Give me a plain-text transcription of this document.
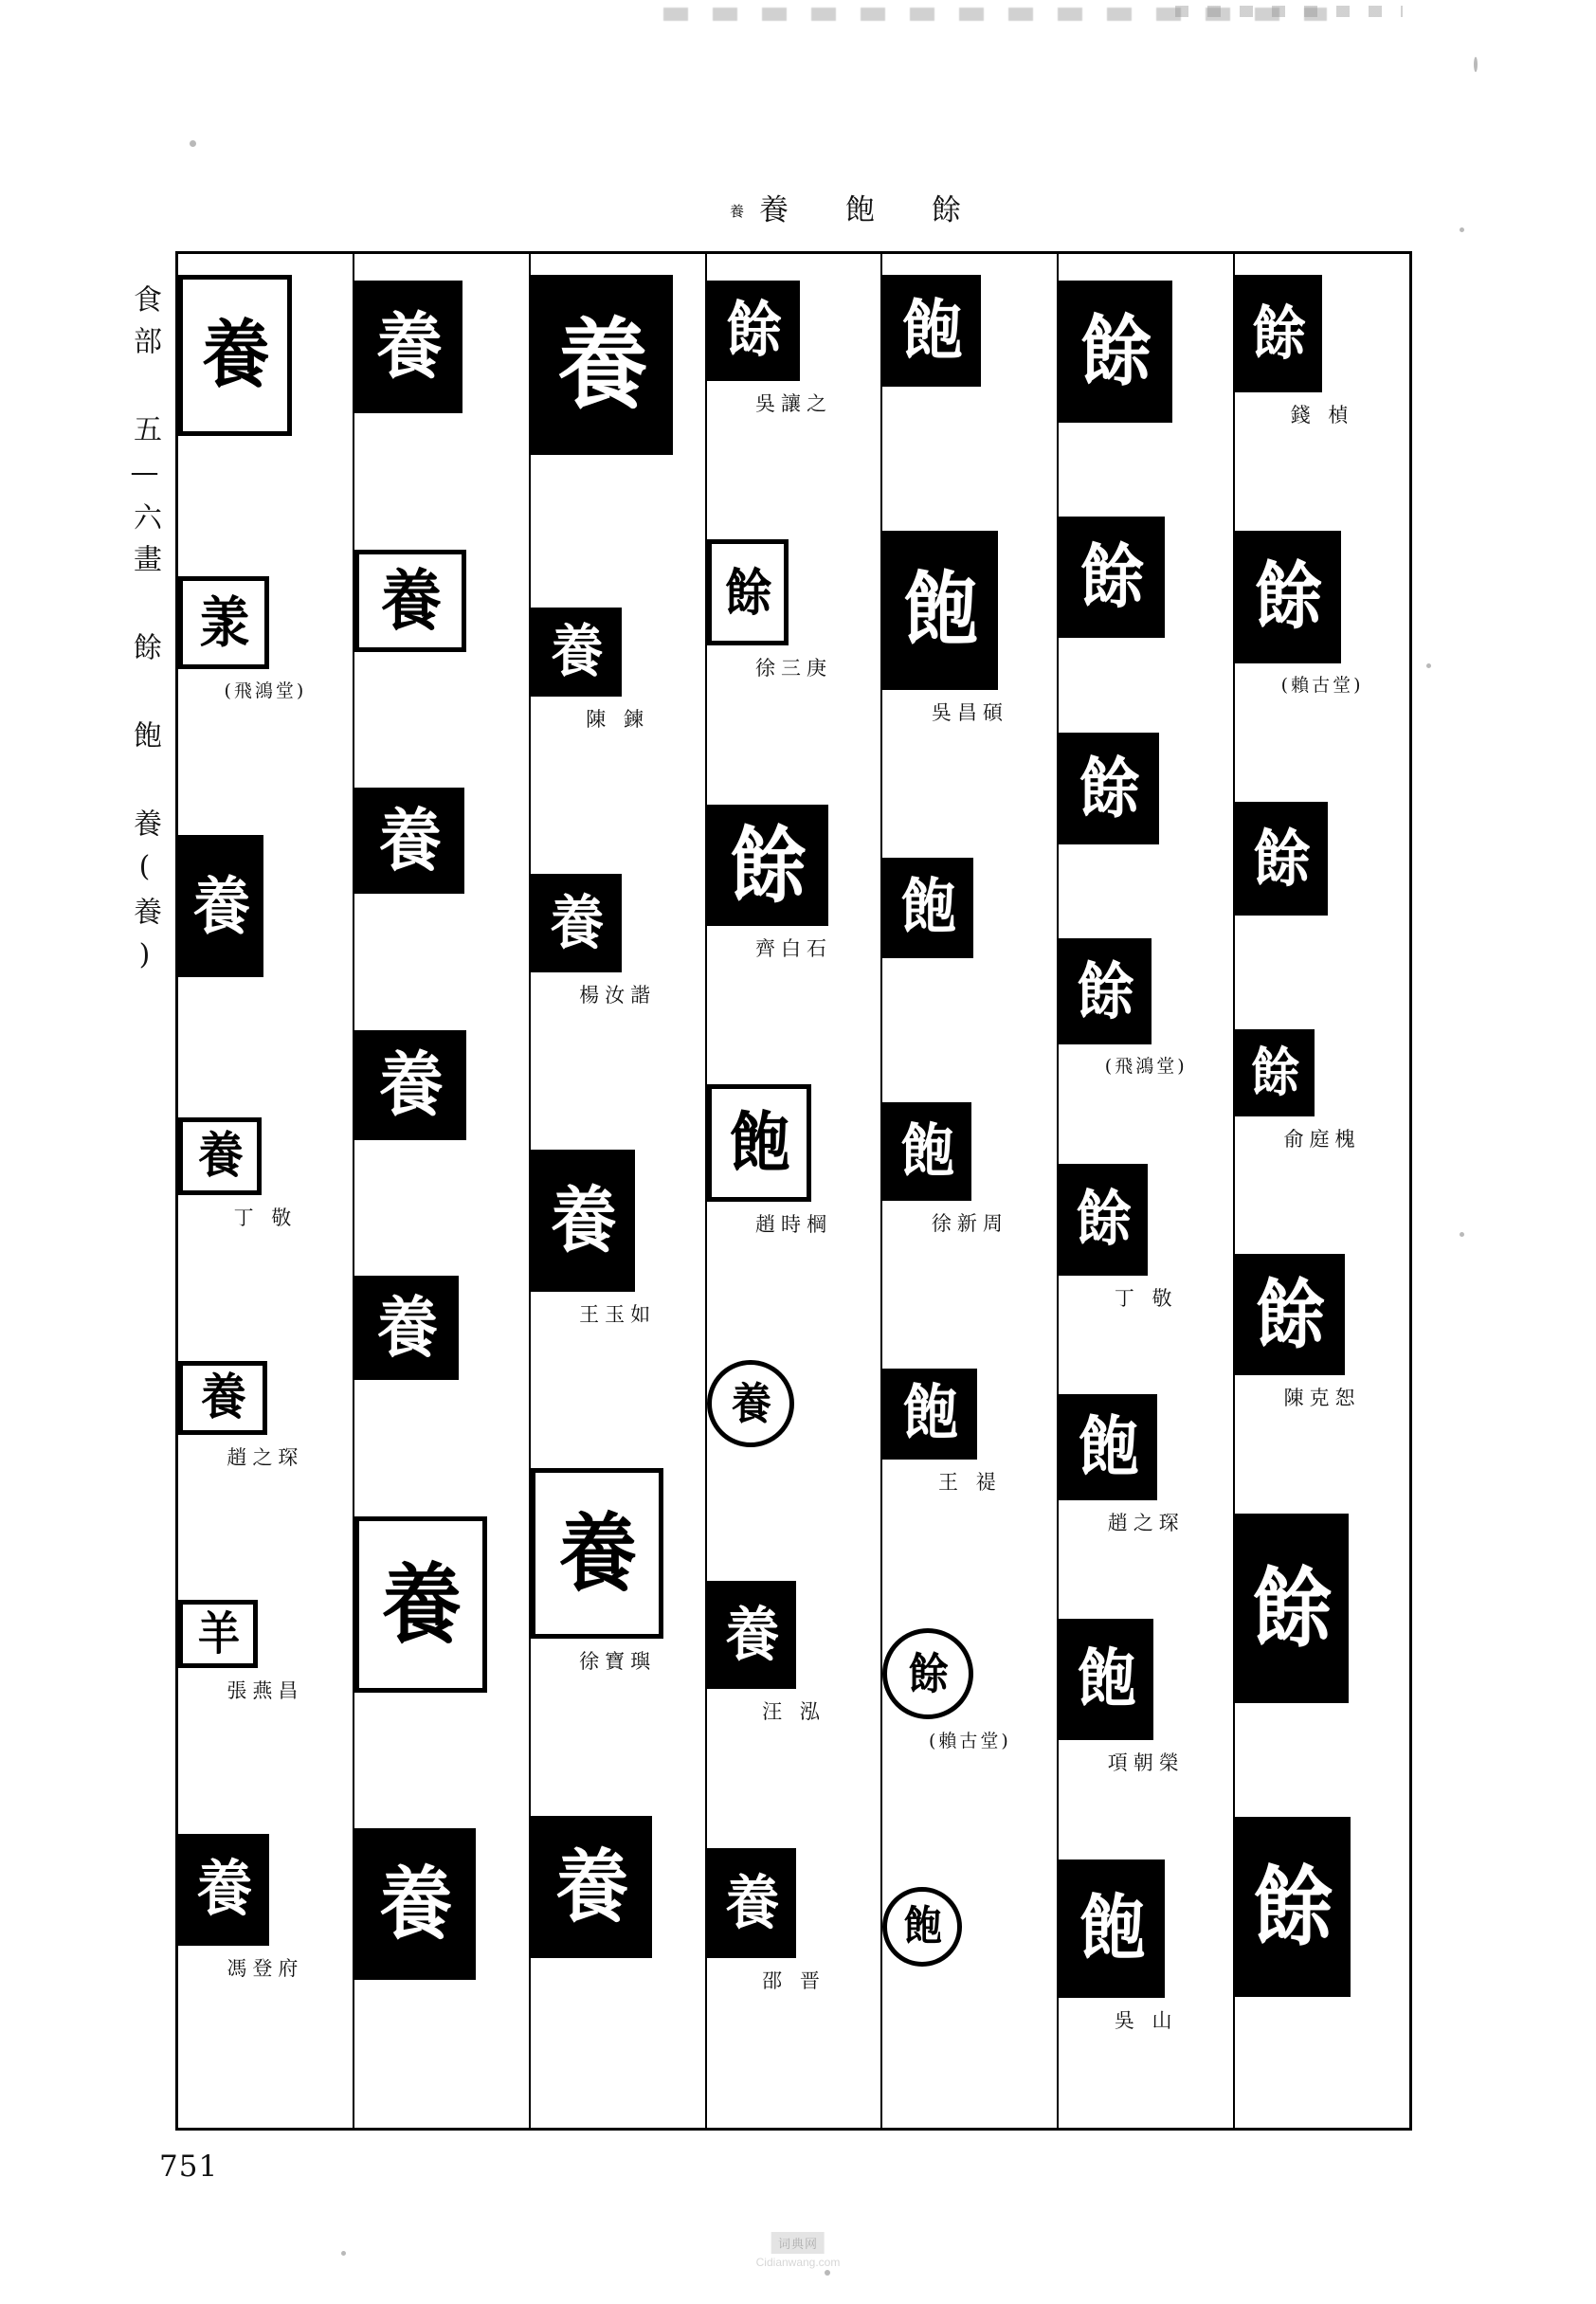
養 養 飽 餘
食部 五—六畫 餘 飽 養(養)	餘
錢 楨
餘
(賴古堂)
餘
餘
俞庭槐
餘
陳克恕
餘
餘
餘
餘
餘
餘
(飛鴻堂)
餘
丁 敬
飽
趙之琛
飽
項朝榮
飽
吳 山
飽
飽
吳昌碩
飽
飽
徐新周
飽
王 禔
餘
(賴古堂)
飽
餘
吳讓之
餘
徐三庚
餘
齊白石
飽
趙時棡
養
養
汪 泓
養
邵 晋
養
養
陳 鍊
養
楊汝諧
養
王玉如
養
徐寶璵
養
養
養
養
養
養
養
養
養
羕
(飛鴻堂)
養
養
丁 敬
養
趙之琛
羊
張燕昌
養
馮登府
751
词典网
Cidianwang.com
